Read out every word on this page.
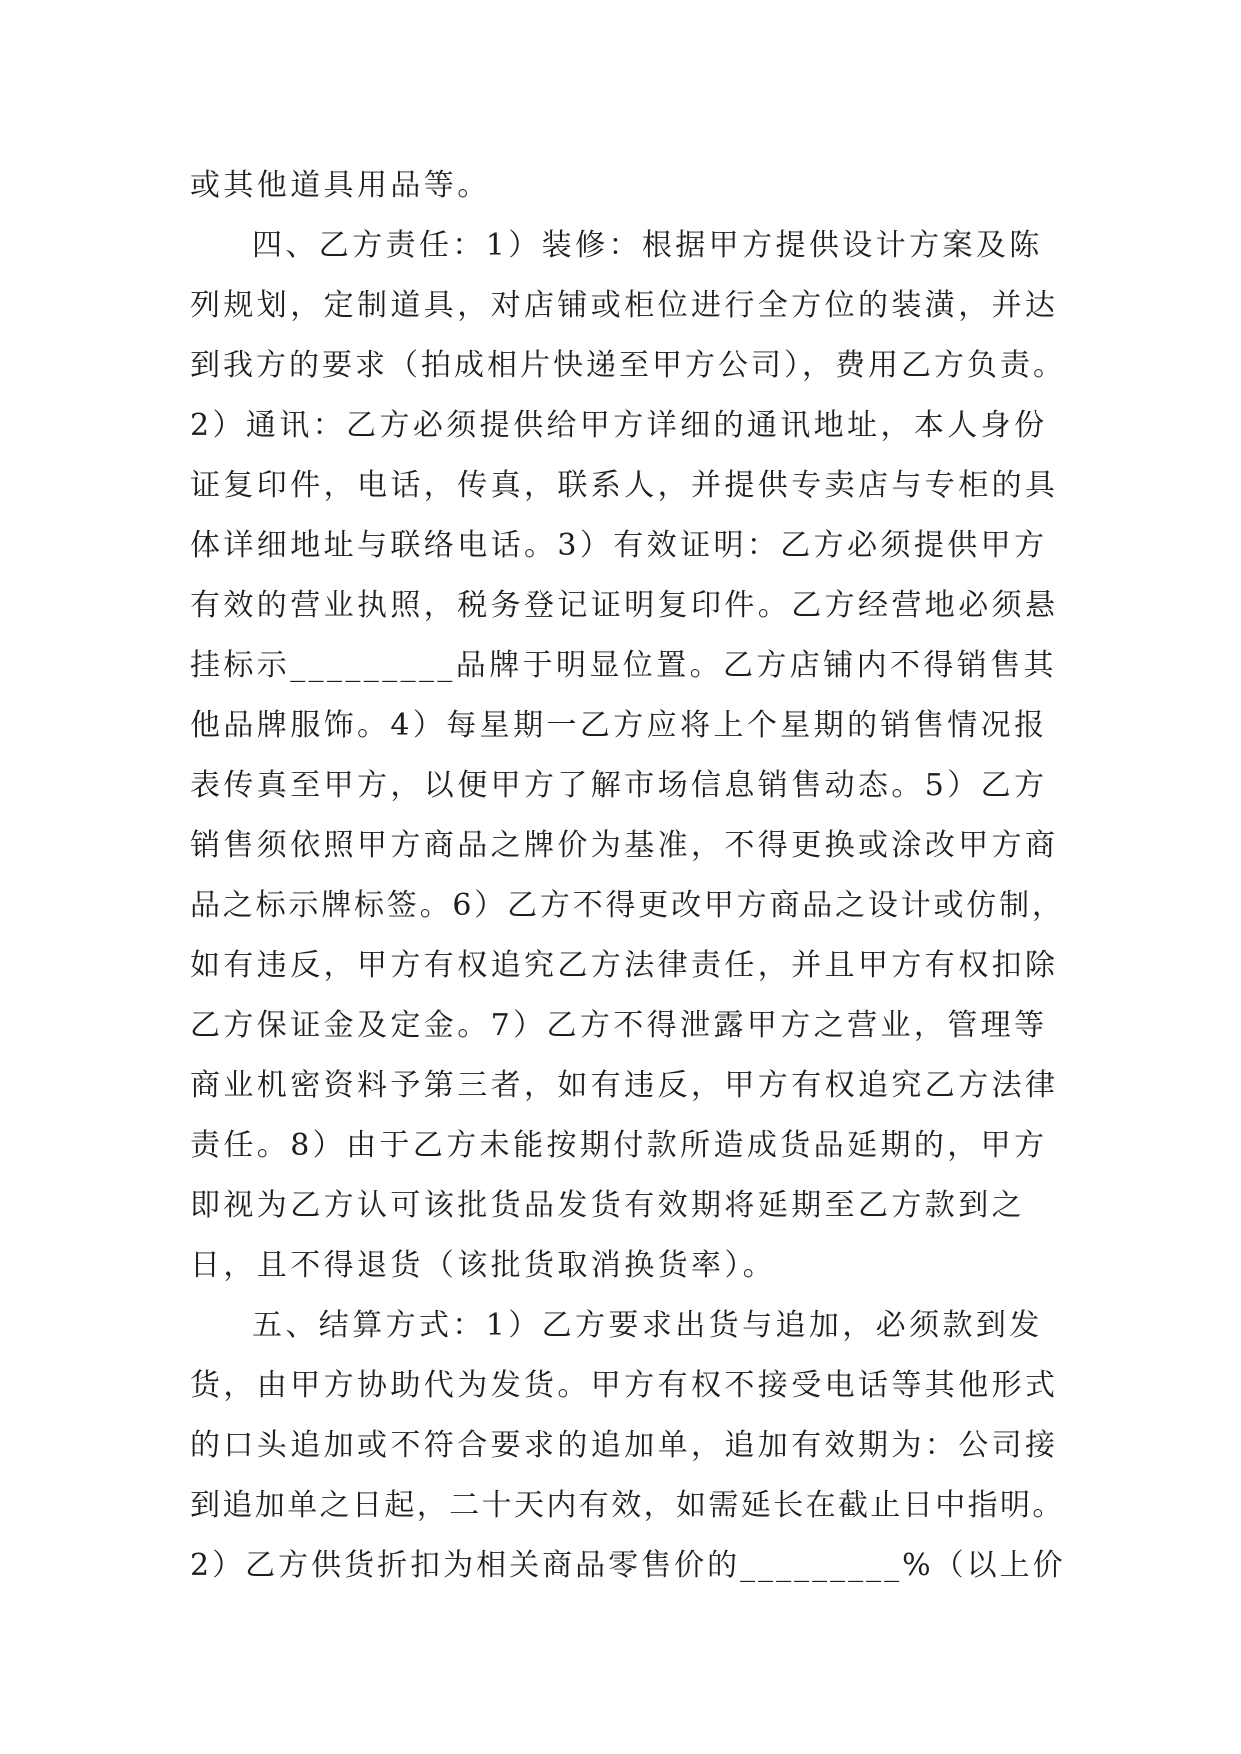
或其他道具用品等。
四、乙方责任：1）装修：根据甲方提供设计方案及陈
列规划，定制道具，对店铺或柜位进行全方位的装潢，并达
到我方的要求（拍成相片快递至甲方公司），费用乙方负责。
2）通讯：乙方必须提供给甲方详细的通讯地址，本人身份
证复印件，电话，传真，联系人，并提供专卖店与专柜的具
体详细地址与联络电话。3）有效证明：乙方必须提供甲方
有效的营业执照，税务登记证明复印件。乙方经营地必须悬
挂标示_________品牌于明显位置。乙方店铺内不得销售其
他品牌服饰。4）每星期一乙方应将上个星期的销售情况报
表传真至甲方，以便甲方了解市场信息销售动态。5）乙方
销售须依照甲方商品之牌价为基准，不得更换或涂改甲方商
品之标示牌标签。6）乙方不得更改甲方商品之设计或仿制，
如有违反，甲方有权追究乙方法律责任，并且甲方有权扣除
乙方保证金及定金。7）乙方不得泄露甲方之营业，管理等
商业机密资料予第三者，如有违反，甲方有权追究乙方法律
责任。8）由于乙方未能按期付款所造成货品延期的，甲方
即视为乙方认可该批货品发货有效期将延期至乙方款到之
日，且不得退货（该批货取消换货率）。
五、结算方式：1）乙方要求出货与追加，必须款到发
货，由甲方协助代为发货。甲方有权不接受电话等其他形式
的口头追加或不符合要求的追加单，追加有效期为：公司接
到追加单之日起，二十天内有效，如需延长在截止日中指明。
2）乙方供货折扣为相关商品零售价的_________%（以上价
